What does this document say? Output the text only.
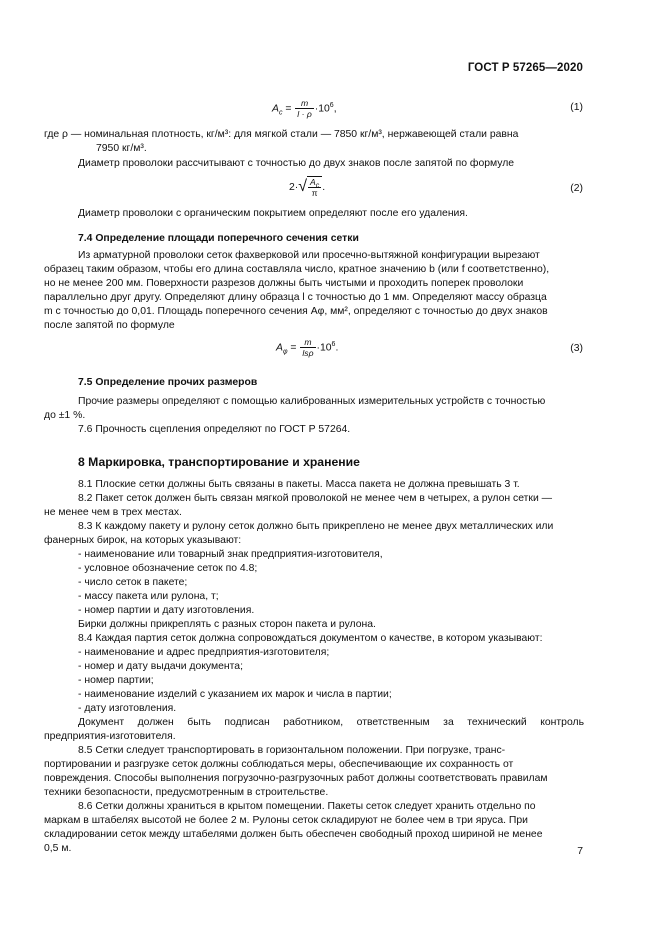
ГОСТ Р 57265—2020
$A_c = \frac{m}{l \cdot \rho} \cdot 10^6$,	(1)
где ρ — номинальная плотность, кг/м³: для мягкой стали — 7850 кг/м³, нержавеющей стали равна
7950 кг/м³.
Диаметр проволоки рассчитывают с точностью до двух знаков после запятой по формуле
$2\cdot√ \frac{A_c}{\pi}$ .	(2)
Диаметр проволоки с органическим покрытием определяют после его удаления.
7.4 Определение площади поперечного сечения сетки
Из арматурной проволоки сеток фахверковой или просечно-вытяжной конфигурации вырезают
образец таким образом, чтобы его длина составляла число, кратное значению b (или f соответственно),
но не менее 200 мм. Поверхности разрезов должны быть чистыми и проходить поперек проволоки
параллельно друг другу. Определяют длину образца l с точностью до 1 мм. Определяют массу образца
m с точностью до 0,01. Площадь поперечного сечения Aφ, мм², определяют с точностью до двух знаков
после запятой по формуле
$A_\varphi = \frac{m}{\text{lsρ}} \cdot 10^6$.	(3)
7.5 Определение прочих размеров
Прочие размеры определяют с помощью калиброванных измерительных устройств с точностью
до ±1 %.
7.6 Прочность сцепления определяют по ГОСТ Р 57264.
8 Маркировка, транспортирование и хранение
8.1 Плоские сетки должны быть связаны в пакеты. Масса пакета не должна превышать 3 т.
8.2 Пакет сеток должен быть связан мягкой проволокой не менее чем в четырех, а рулон сетки —
не менее чем в трех местах.
8.3 К каждому пакету и рулону сеток должно быть прикреплено не менее двух металлических или
фанерных бирок, на которых указывают:
- наименование или товарный знак предприятия-изготовителя,
- условное обозначение сеток по 4.8;
- число сеток в пакете;
- массу пакета или рулона, т;
- номер партии и дату изготовления.
Бирки должны прикреплять с разных сторон пакета и рулона.
8.4 Каждая партия сеток должна сопровождаться документом о качестве, в котором указывают:
- наименование и адрес предприятия-изготовителя;
- номер и дату выдачи документа;
- номер партии;
- наименование изделий с указанием их марок и числа в партии;
- дату изготовления.
Документ должен быть подписан работником, ответственным за технический контроль
предприятия-изготовителя.
8.5 Сетки следует транспортировать в горизонтальном положении. При погрузке, транс-
портировании и разгрузке сеток должны соблюдаться меры, обеспечивающие их сохранность от
повреждения. Способы выполнения погрузочно-разгрузочных работ должны соответствовать правилам
техники безопасности, предусмотренным в строительстве.
8.6 Сетки должны храниться в крытом помещении. Пакеты сеток следует хранить отдельно по
маркам в штабелях высотой не более 2 м. Рулоны сеток складируют не более чем в три яруса. При
складировании сеток между штабелями должен быть обеспечен свободный проход шириной не менее
0,5 м.	7
